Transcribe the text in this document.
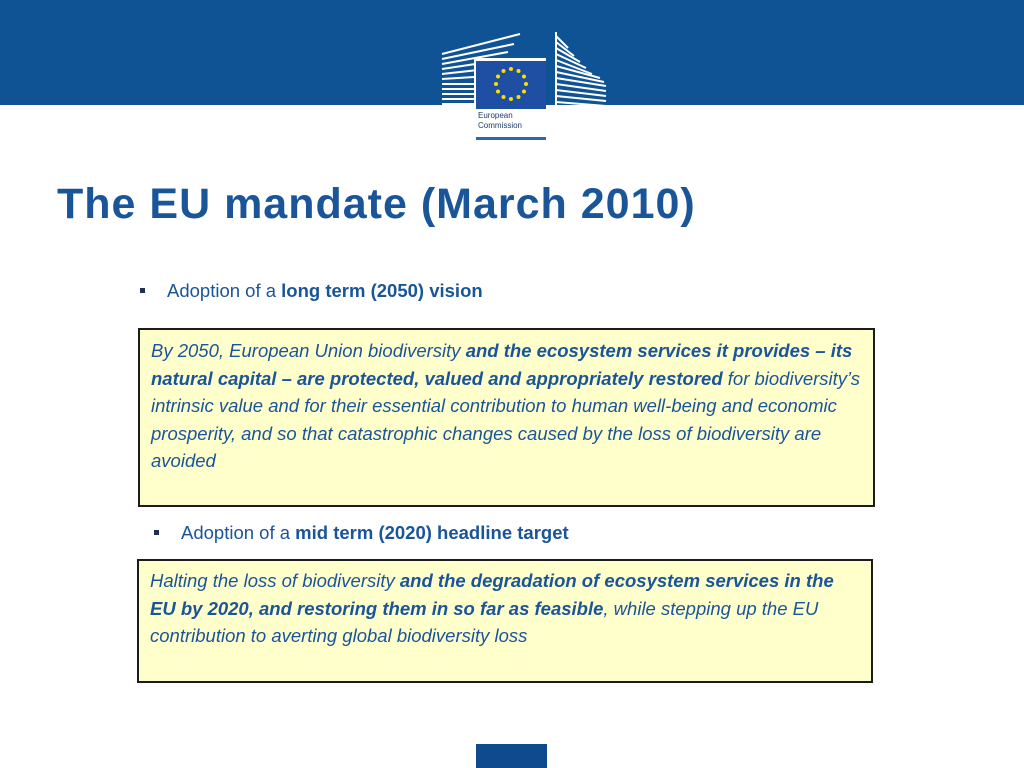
European
Commission
The EU mandate (March 2010)
Adoption of a long term (2050) vision
By 2050, European Union biodiversity and the ecosystem services it provides – its natural capital – are protected, valued and appropriately restored for biodiversity’s intrinsic value and for their essential contribution to human well-being and economic prosperity, and so that catastrophic changes caused by the loss of biodiversity are avoided
Adoption of a mid term (2020) headline target
Halting the loss of biodiversity and the degradation of ecosystem services in the EU by 2020, and restoring them in so far as feasible, while stepping up the EU contribution to averting global biodiversity loss
